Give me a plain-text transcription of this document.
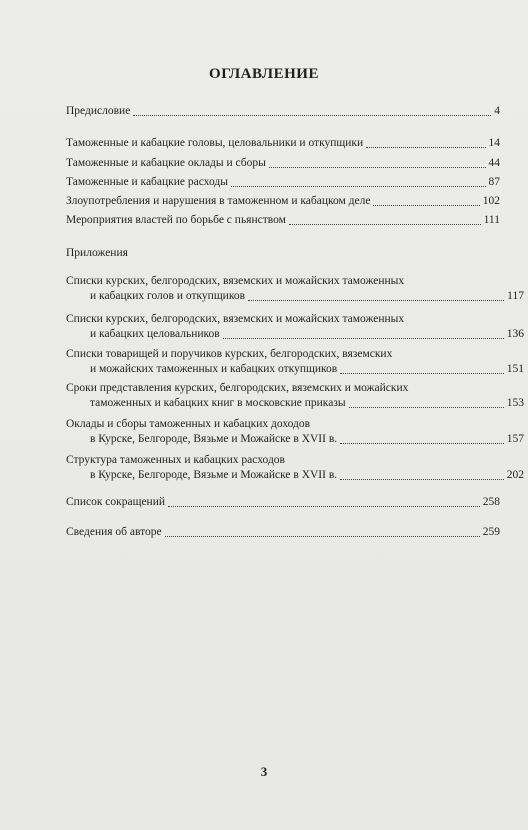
ОГЛАВЛЕНИЕ
Предисловие	4
Таможенные и кабацкие головы, целовальники и откупщики	14
Таможенные и кабацкие оклады и сборы	44
Таможенные и кабацкие расходы	87
Злоупотребления и нарушения в таможенном и кабацком деле	102
Мероприятия властей по борьбе с пьянством	111
Приложения
Списки курских, белгородских, вяземских и можайских таможенных
и кабацких голов и откупщиков	117
Списки курских, белгородских, вяземских и можайских таможенных
и кабацких целовальников	136
Списки товарищей и поручиков курских, белгородских, вяземских
и можайских таможенных и кабацких откупщиков	151
Сроки представления курских, белгородских, вяземских и можайских
таможенных и кабацких книг в московские приказы	153
Оклады и сборы таможенных и кабацких доходов
в Курске, Белгороде, Вязьме и Можайске в XVII в.	157
Структура таможенных и кабацких расходов
в Курске, Белгороде, Вязьме и Можайске в XVII в.	202
Список сокращений	258
Сведения об авторе	259
3
